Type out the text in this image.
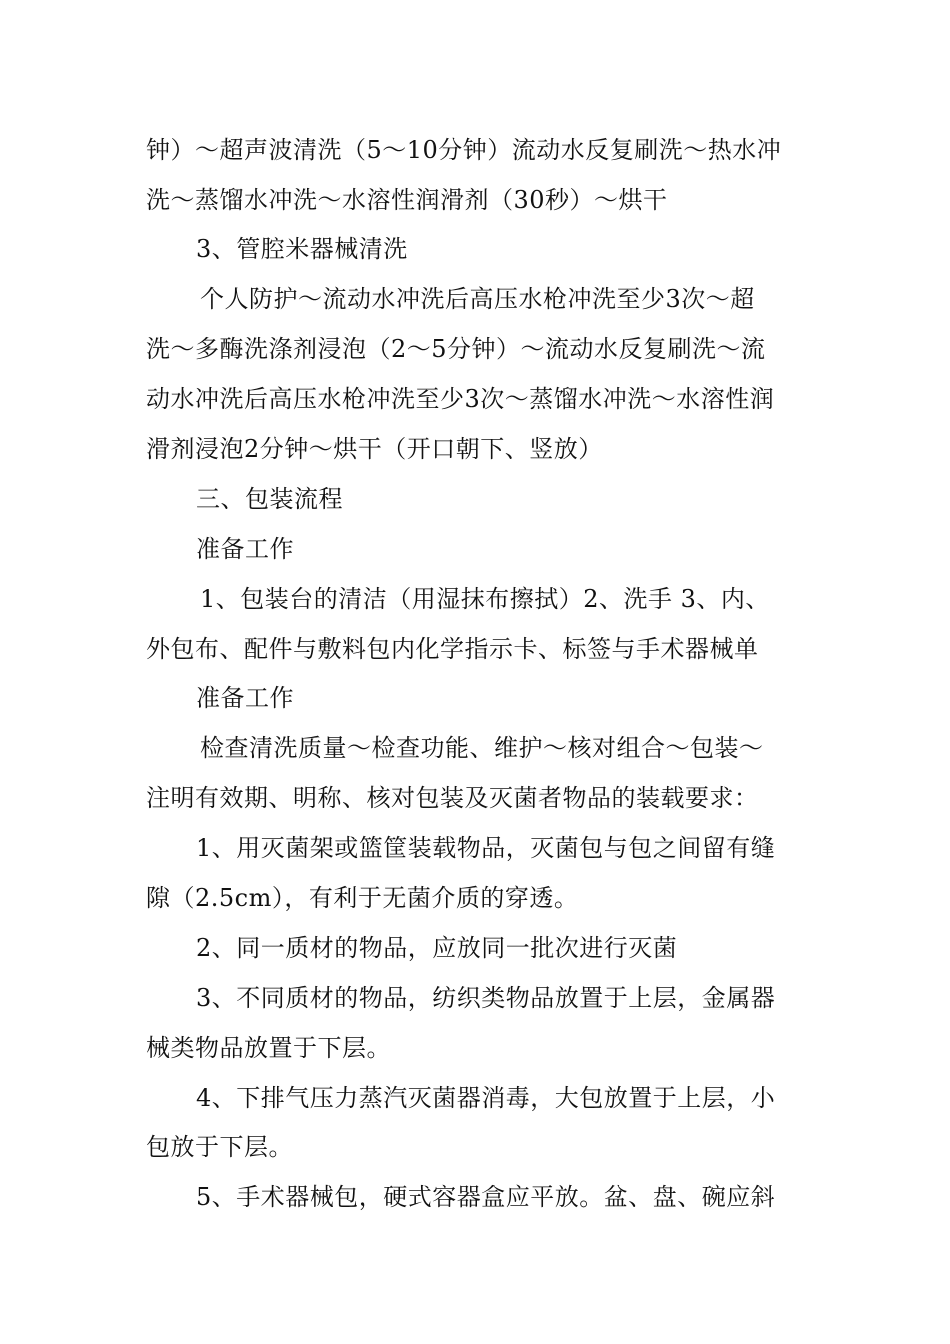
钟）～超声波清洗（5～10分钟）流动水反复刷洗～热水冲
洗～蒸馏水冲洗～水溶性润滑剂（30秒）～烘干
3、管腔米器械清洗
个人防护～流动水冲洗后高压水枪冲洗至少3次～超
洗～多酶洗涤剂浸泡（2～5分钟）～流动水反复刷洗～流
动水冲洗后高压水枪冲洗至少3次～蒸馏水冲洗～水溶性润
滑剂浸泡2分钟～烘干（开口朝下、竖放）
三、包装流程
准备工作
1、包装台的清洁（用湿抹布擦拭）2、洗手 3、内、
外包布、配件与敷料包内化学指示卡、标签与手术器械单
准备工作
检查清洗质量～检查功能、维护～核对组合～包装～
注明有效期、明称、核对包装及灭菌者物品的装载要求：
1、用灭菌架或篮筐装载物品，灭菌包与包之间留有缝
隙（2.5cm），有利于无菌介质的穿透。
2、同一质材的物品，应放同一批次进行灭菌
3、不同质材的物品，纺织类物品放置于上层，金属器
械类物品放置于下层。
4、下排气压力蒸汽灭菌器消毒，大包放置于上层，小
包放于下层。
5、手术器械包，硬式容器盒应平放。盆、盘、碗应斜
